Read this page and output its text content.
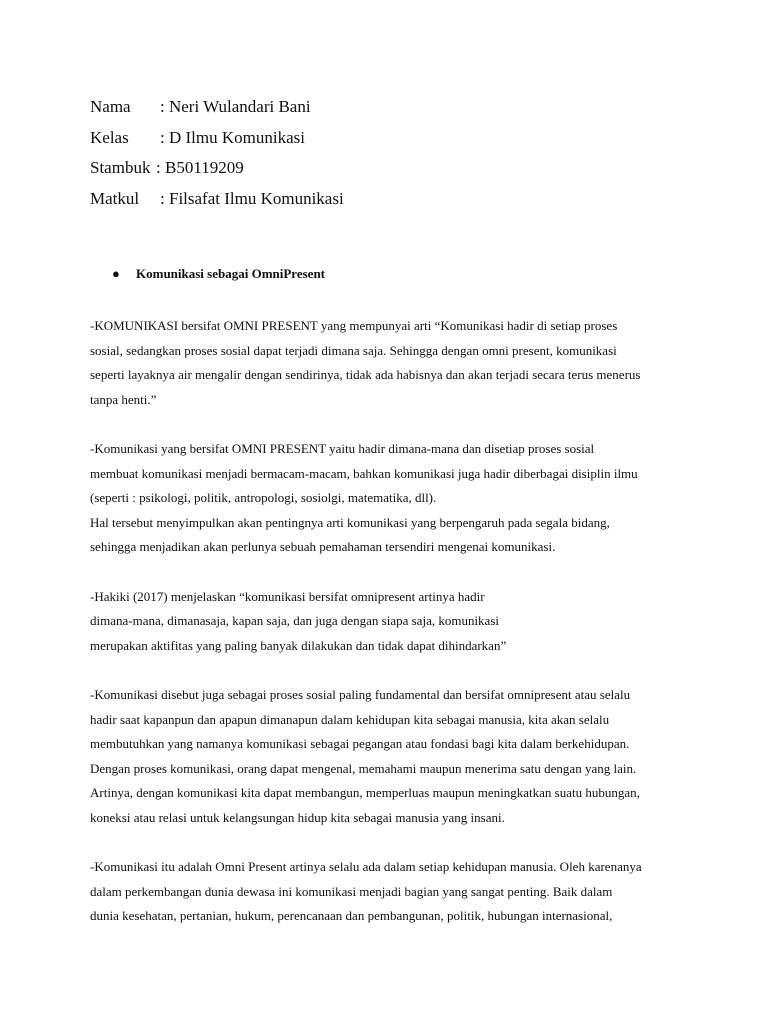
Nama : Neri Wulandari Bani
Kelas : D Ilmu Komunikasi
Stambuk : B50119209
Matkul : Filsafat Ilmu Komunikasi
● Komunikasi sebagai OmniPresent
-KOMUNIKASI bersifat OMNI PRESENT yang mempunyai arti “Komunikasi hadir di setiap proses
sosial, sedangkan proses sosial dapat terjadi dimana saja. Sehingga dengan omni present, komunikasi
seperti layaknya air mengalir dengan sendirinya, tidak ada habisnya dan akan terjadi secara terus menerus
tanpa henti.”
-Komunikasi yang bersifat OMNI PRESENT yaitu hadir dimana-mana dan disetiap proses sosial
membuat komunikasi menjadi bermacam-macam, bahkan komunikasi juga hadir diberbagai disiplin ilmu
(seperti : psikologi, politik, antropologi, sosiolgi, matematika, dll).
Hal tersebut menyimpulkan akan pentingnya arti komunikasi yang berpengaruh pada segala bidang,
sehingga menjadikan akan perlunya sebuah pemahaman tersendiri mengenai komunikasi.
-Hakiki (2017) menjelaskan “komunikasi bersifat omnipresent artinya hadir
dimana-mana, dimanasaja, kapan saja, dan juga dengan siapa saja, komunikasi
merupakan aktifitas yang paling banyak dilakukan dan tidak dapat dihindarkan”
-Komunikasi disebut juga sebagai proses sosial paling fundamental dan bersifat omnipresent atau selalu
hadir saat kapanpun dan apapun dimanapun dalam kehidupan kita sebagai manusia, kita akan selalu
membutuhkan yang namanya komunikasi sebagai pegangan atau fondasi bagi kita dalam berkehidupan.
Dengan proses komunikasi, orang dapat mengenal, memahami maupun menerima satu dengan yang lain.
Artinya, dengan komunikasi kita dapat membangun, memperluas maupun meningkatkan suatu hubungan,
koneksi atau relasi untuk kelangsungan hidup kita sebagai manusia yang insani.
-Komunikasi itu adalah Omni Present artinya selalu ada dalam setiap kehidupan manusia. Oleh karenanya
dalam perkembangan dunia dewasa ini komunikasi menjadi bagian yang sangat penting. Baik dalam
dunia kesehatan, pertanian, hukum, perencanaan dan pembangunan, politik, hubungan internasional,
